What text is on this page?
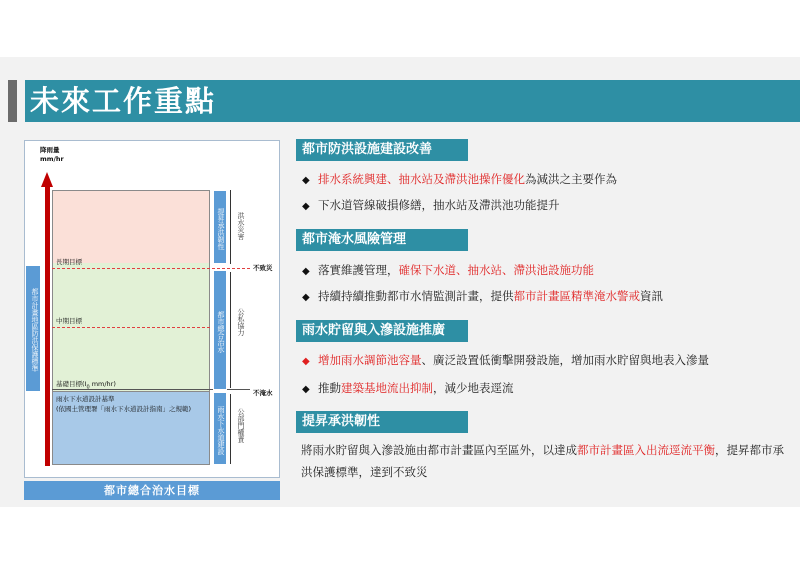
未來工作重點
降雨量
mm/hr
長期目標
中期目標
基礎目標($I_0$ mm/hr)
雨水下水道設計基準
(依國土管理署「雨水下水道設計指南」之規範)
都市計畫地區防洪保護標準
提昇承洪韌性
都市總合治水
雨水下水道建設
洪水災害
公私協力
公部門權責
不致災
不淹水
都市總合治水目標
都市防洪設施建設改善
◆ 排水系統興建、抽水站及滯洪池操作優化為減洪之主要作為
◆ 下水道管線破損修繕，抽水站及滯洪池功能提升
都市淹水風險管理
◆ 落實維護管理，確保下水道、抽水站、滯洪池設施功能
◆ 持續持續推動都市水情監測計畫，提供都市計畫區精準淹水警戒資訊
雨水貯留與入滲設施推廣
◆ 增加雨水調節池容量、廣泛設置低衝擊開發設施，增加雨水貯留與地表入滲量
◆ 推動建築基地流出抑制，減少地表逕流
提昇承洪韌性
將雨水貯留與入滲設施由都市計畫區內至區外，以達成都市計畫區入出流逕流平衡，提昇都市承洪保護標準，達到不致災
